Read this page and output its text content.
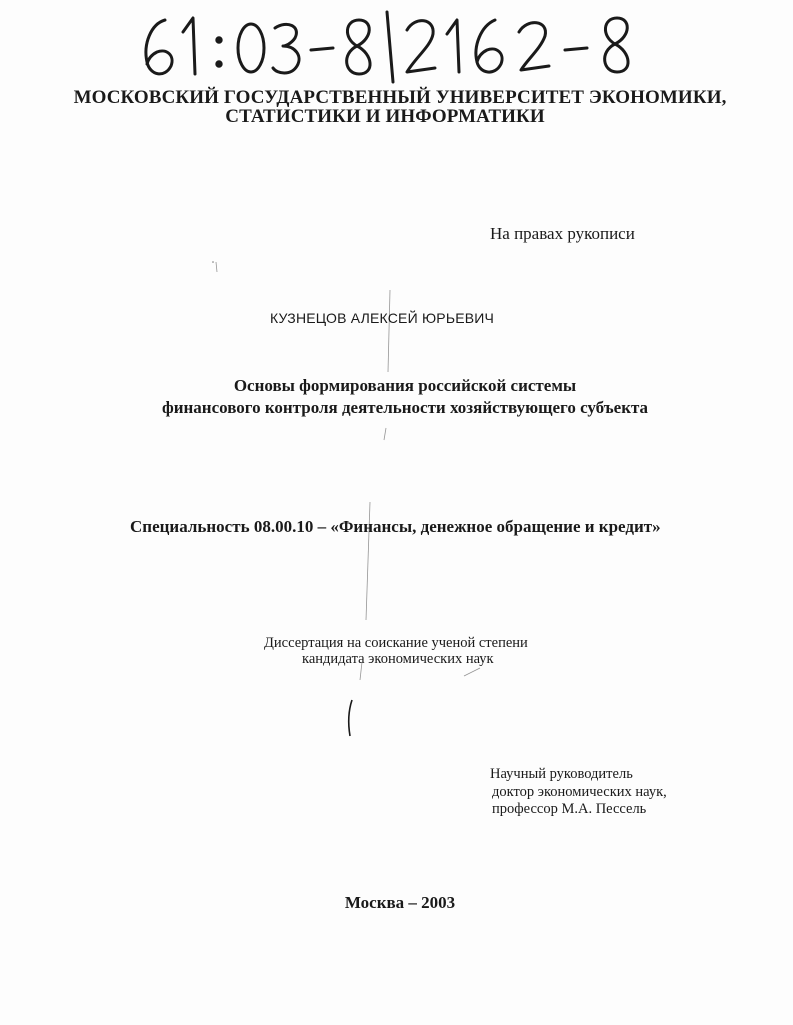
МОСКОВСКИЙ ГОСУДАРСТВЕННЫЙ УНИВЕРСИТЕТ ЭКОНОМИКИ,
СТАТИСТИКИ И ИНФОРМАТИКИ
На правах рукописи
КУЗНЕЦОВ АЛЕКСЕЙ ЮРЬЕВИЧ
Основы формирования российской системы
финансового контроля деятельности хозяйствующего субъекта
Специальность 08.00.10 – «Финансы, денежное обращение и кредит»
Диссертация на соискание ученой степени
кандидата экономических наук
Научный руководитель
доктор экономических наук,
профессор М.А. Пессель
Москва – 2003
